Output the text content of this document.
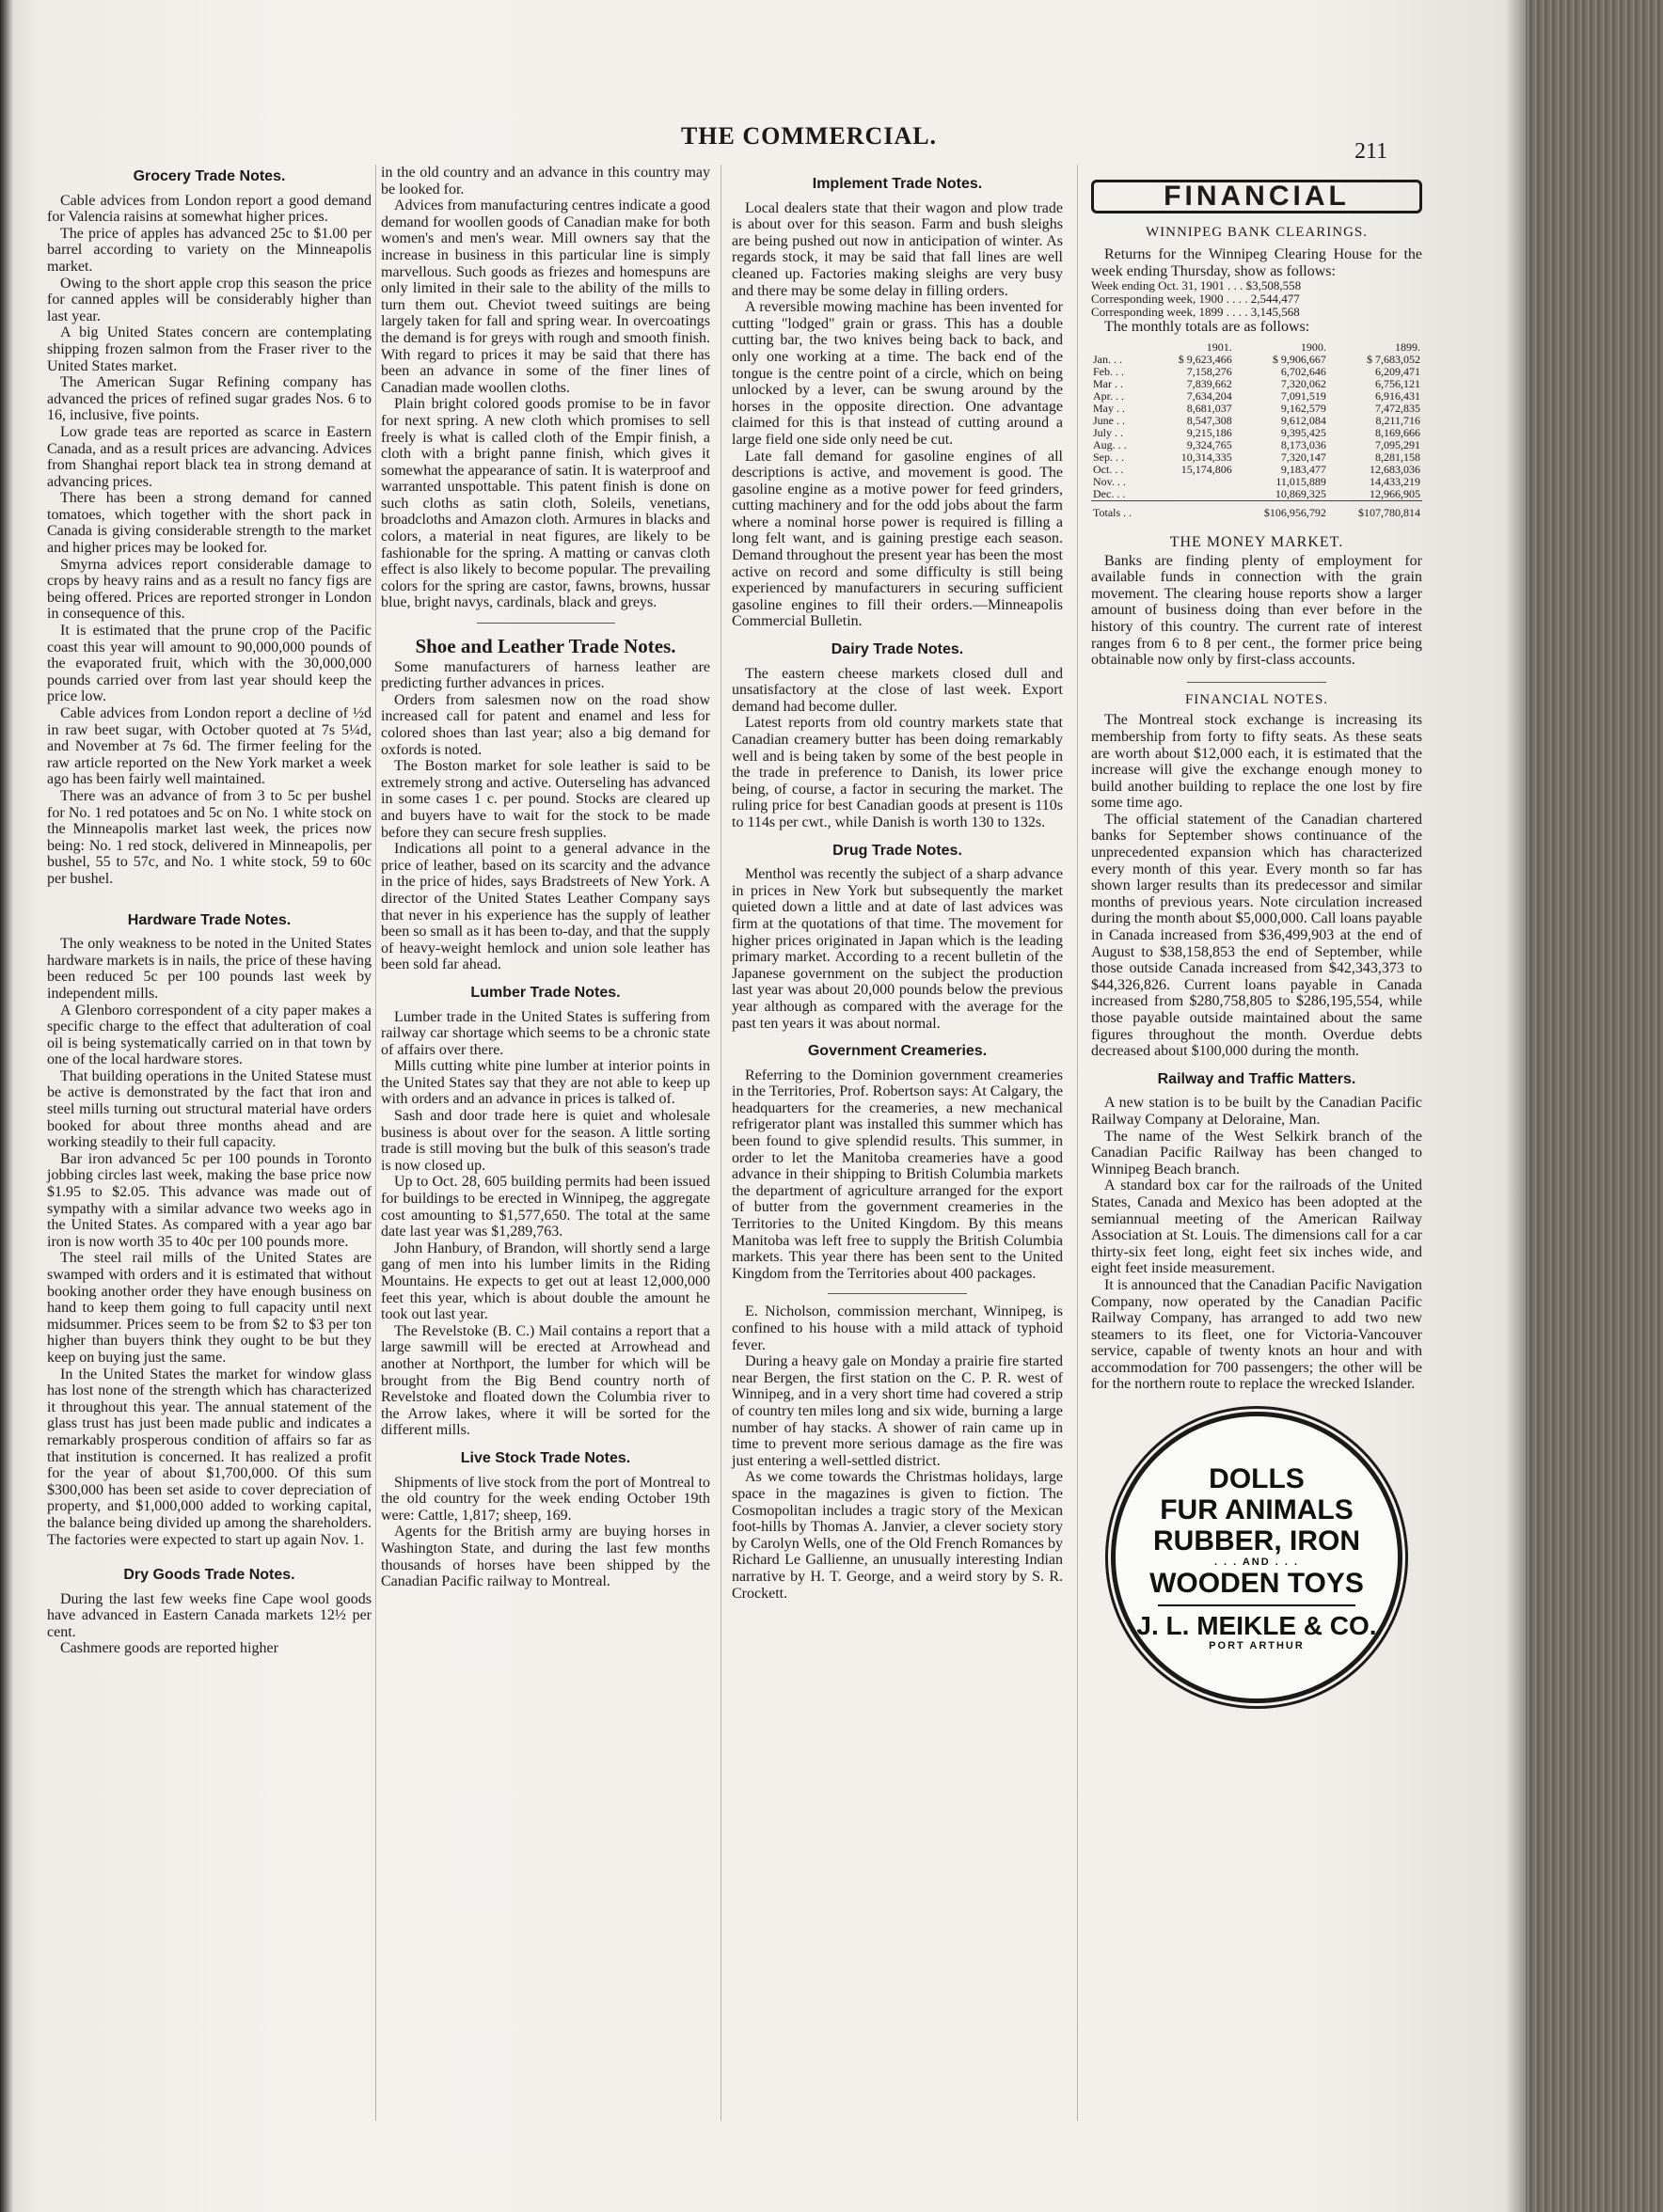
THE COMMERCIAL.
211
Grocery Trade Notes.

Cable advices from London report a good demand for Valencia raisins at somewhat higher prices.

The price of apples has advanced 25c to $1.00 per barrel according to variety on the Minneapolis market.

Owing to the short apple crop this season the price for canned apples will be considerably higher than last year.

A big United States concern are contemplating shipping frozen salmon from the Fraser river to the United States market.

The American Sugar Refining company has advanced the prices of refined sugar grades Nos. 6 to 16, inclusive, five points.

Low grade teas are reported as scarce in Eastern Canada, and as a result prices are advancing. Advices from Shanghai report black tea in strong demand at advancing prices.

There has been a strong demand for canned tomatoes, which together with the short pack in Canada is giving considerable strength to the market and higher prices may be looked for.

Smyrna advices report considerable damage to crops by heavy rains and as a result no fancy figs are being offered. Prices are reported stronger in London in consequence of this.

It is estimated that the prune crop of the Pacific coast this year will amount to 90,000,000 pounds of the evaporated fruit, which with the 30,000,000 pounds carried over from last year should keep the price low.

Cable advices from London report a decline of ½d in raw beet sugar, with October quoted at 7s 5¼d, and November at 7s 6d. The firmer feeling for the raw article reported on the New York market a week ago has been fairly well maintained.

There was an advance of from 3 to 5c per bushel for No. 1 red potatoes and 5c on No. 1 white stock on the Minneapolis market last week, the prices now being: No. 1 red stock, delivered in Minneapolis, per bushel, 55 to 57c, and No. 1 white stock, 59 to 60c per bushel.

Hardware Trade Notes.

The only weakness to be noted in the United States hardware markets is in nails, the price of these having been reduced 5c per 100 pounds last week by independent mills.

A Glenboro correspondent of a city paper makes a specific charge to the effect that adulteration of coal oil is being systematically carried on in that town by one of the local hardware stores.

That building operations in the United Statese must be active is demonstrated by the fact that iron and steel mills turning out structural material have orders booked for about three months ahead and are working steadily to their full capacity.

Bar iron advanced 5c per 100 pounds in Toronto jobbing circles last week, making the base price now $1.95 to $2.05. This advance was made out of sympathy with a similar advance two weeks ago in the United States. As compared with a year ago bar iron is now worth 35 to 40c per 100 pounds more.

The steel rail mills of the United States are swamped with orders and it is estimated that without booking another order they have enough business on hand to keep them going to full capacity until next midsummer. Prices seem to be from $2 to $3 per ton higher than buyers think they ought to be but they keep on buying just the same.

In the United States the market for window glass has lost none of the strength which has characterized it throughout this year. The annual statement of the glass trust has just been made public and indicates a remarkably prosperous condition of affairs so far as that institution is concerned. It has realized a profit for the year of about $1,700,000. Of this sum $300,000 has been set aside to cover depreciation of property, and $1,000,000 added to working capital, the balance being divided up among the shareholders. The factories were expected to start up again Nov. 1.

Dry Goods Trade Notes.

During the last few weeks fine Cape wool goods have advanced in Eastern Canada markets 12½ per cent.

Cashmere goods are reported higher

in the old country and an advance in this country may be looked for.

Advices from manufacturing centres indicate a good demand for woollen goods of Canadian make for both women's and men's wear. Mill owners say that the increase in business in this particular line is simply marvellous. Such goods as friezes and homespuns are only limited in their sale to the ability of the mills to turn them out. Cheviot tweed suitings are being largely taken for fall and spring wear. In overcoatings the demand is for greys with rough and smooth finish. With regard to prices it may be said that there has been an advance in some of the finer lines of Canadian made woollen cloths.

Plain bright colored goods promise to be in favor for next spring. A new cloth which promises to sell freely is what is called cloth of the Empir finish, a cloth with a bright panne finish, which gives it somewhat the appearance of satin. It is waterproof and warranted unspottable. This patent finish is done on such cloths as satin cloth, Soleils, venetians, broadcloths and Amazon cloth. Armures in blacks and colors, a material in neat figures, are likely to be fashionable for the spring. A matting or canvas cloth effect is also likely to become popular. The prevailing colors for the spring are castor, fawns, browns, hussar blue, bright navys, cardinals, black and greys.

Shoe and Leather Trade Notes.

Some manufacturers of harness leather are predicting further advances in prices.

Orders from salesmen now on the road show increased call for patent and enamel and less for colored shoes than last year; also a big demand for oxfords is noted.

The Boston market for sole leather is said to be extremely strong and active. Outerseling has advanced in some cases 1 c. per pound. Stocks are cleared up and buyers have to wait for the stock to be made before they can secure fresh supplies.

Indications all point to a general advance in the price of leather, based on its scarcity and the advance in the price of hides, says Bradstreets of New York. A director of the United States Leather Company says that never in his experience has the supply of leather been so small as it has been to-day, and that the supply of heavy-weight hemlock and union sole leather has been sold far ahead.

Lumber Trade Notes.

Lumber trade in the United States is suffering from railway car shortage which seems to be a chronic state of affairs over there.

Mills cutting white pine lumber at interior points in the United States say that they are not able to keep up with orders and an advance in prices is talked of.

Sash and door trade here is quiet and wholesale business is about over for the season. A little sorting trade is still moving but the bulk of this season's trade is now closed up.

Up to Oct. 28, 605 building permits had been issued for buildings to be erected in Winnipeg, the aggregate cost amounting to $1,577,650. The total at the same date last year was $1,289,763.

John Hanbury, of Brandon, will shortly send a large gang of men into his lumber limits in the Riding Mountains. He expects to get out at least 12,000,000 feet this year, which is about double the amount he took out last year.

The Revelstoke (B. C.) Mail contains a report that a large sawmill will be erected at Arrowhead and another at Northport, the lumber for which will be brought from the Big Bend country north of Revelstoke and floated down the Columbia river to the Arrow lakes, where it will be sorted for the different mills.

Live Stock Trade Notes.

Shipments of live stock from the port of Montreal to the old country for the week ending October 19th were: Cattle, 1,817; sheep, 169.

Agents for the British army are buying horses in Washington State, and during the last few months thousands of horses have been shipped by the Canadian Pacific railway to Montreal.

Implement Trade Notes.

Local dealers state that their wagon and plow trade is about over for this season. Farm and bush sleighs are being pushed out now in anticipation of winter. As regards stock, it may be said that fall lines are well cleaned up. Factories making sleighs are very busy and there may be some delay in filling orders.

A reversible mowing machine has been invented for cutting "lodged" grain or grass. This has a double cutting bar, the two knives being back to back, and only one working at a time. The back end of the tongue is the centre point of a circle, which on being unlocked by a lever, can be swung around by the horses in the opposite direction. One advantage claimed for this is that instead of cutting around a large field one side only need be cut.

Late fall demand for gasoline engines of all descriptions is active, and movement is good. The gasoline engine as a motive power for feed grinders, cutting machinery and for the odd jobs about the farm where a nominal horse power is required is filling a long felt want, and is gaining prestige each season. Demand throughout the present year has been the most active on record and some difficulty is still being experienced by manufacturers in securing sufficient gasoline engines to fill their orders.—Minneapolis Commercial Bulletin.

Dairy Trade Notes.

The eastern cheese markets closed dull and unsatisfactory at the close of last week. Export demand had become duller.

Latest reports from old country markets state that Canadian creamery butter has been doing remarkably well and is being taken by some of the best people in the trade in preference to Danish, its lower price being, of course, a factor in securing the market. The ruling price for best Canadian goods at present is 110s to 114s per cwt., while Danish is worth 130 to 132s.

Drug Trade Notes.

Menthol was recently the subject of a sharp advance in prices in New York but subsequently the market quieted down a little and at date of last advices was firm at the quotations of that time. The movement for higher prices originated in Japan which is the leading primary market. According to a recent bulletin of the Japanese government on the subject the production last year was about 20,000 pounds below the previous year although as compared with the average for the past ten years it was about normal.

Government Creameries.

Referring to the Dominion government creameries in the Territories, Prof. Robertson says: At Calgary, the headquarters for the creameries, a new mechanical refrigerator plant was installed this summer which has been found to give splendid results. This summer, in order to let the Manitoba creameries have a good advance in their shipping to British Columbia markets the department of agriculture arranged for the export of butter from the government creameries in the Territories to the United Kingdom. By this means Manitoba was left free to supply the British Columbia markets. This year there has been sent to the United Kingdom from the Territories about 400 packages.

E. Nicholson, commission merchant, Winnipeg, is confined to his house with a mild attack of typhoid fever.

During a heavy gale on Monday a prairie fire started near Bergen, the first station on the C. P. R. west of Winnipeg, and in a very short time had covered a strip of country ten miles long and six wide, burning a large number of hay stacks. A shower of rain came up in time to prevent more serious damage as the fire was just entering a well-settled district.

As we come towards the Christmas holidays, large space in the magazines is given to fiction. The Cosmopolitan includes a tragic story of the Mexican foot-hills by Thomas A. Janvier, a clever society story by Carolyn Wells, one of the Old French Romances by Richard Le Gallienne, an unusually interesting Indian narrative by H. T. George, and a weird story by S. R. Crockett.

FINANCIAL
WINNIPEG BANK CLEARINGS.

Returns for the Winnipeg Clearing House for the week ending Thursday, show as follows:

Week ending Oct. 31, 1901 . . . $3,508,558

Corresponding week, 1900 . . . . 2,544,477

Corresponding week, 1899 . . . . 3,145,568

The monthly totals are as follows:

	1901.	1900.	1899.
Jan. . .	$ 9,623,466	$ 9,906,667	$ 7,683,052
Feb. . .	7,158,276	6,702,646	6,209,471
Mar . .	7,839,662	7,320,062	6,756,121
Apr. . .	7,634,204	7,091,519	6,916,431
May . .	8,681,037	9,162,579	7,472,835
June . .	8,547,308	9,612,084	8,211,716
July . .	9,215,186	9,395,425	8,169,666
Aug. . .	9,324,765	8,173,036	7,095,291
Sep. . .	10,314,335	7,320,147	8,281,158
Oct. . .	15,174,806	9,183,477	12,683,036
Nov. . .		11,015,889	14,433,219
Dec. . .		10,869,325	12,966,905
Totals . .		$106,956,792	$107,780,814
THE MONEY MARKET.

Banks are finding plenty of employment for available funds in connection with the grain movement. The clearing house reports show a larger amount of business doing than ever before in the history of this country. The current rate of interest ranges from 6 to 8 per cent., the former price being obtainable now only by first-class accounts.

FINANCIAL NOTES.

The Montreal stock exchange is increasing its membership from forty to fifty seats. As these seats are worth about $12,000 each, it is estimated that the increase will give the exchange enough money to build another building to replace the one lost by fire some time ago.

The official statement of the Canadian chartered banks for September shows continuance of the unprecedented expansion which has characterized every month of this year. Every month so far has shown larger results than its predecessor and similar months of previous years. Note circulation increased during the month about $5,000,000. Call loans payable in Canada increased from $36,499,903 at the end of August to $38,158,853 the end of September, while those outside Canada increased from $42,343,373 to $44,326,826. Current loans payable in Canada increased from $280,758,805 to $286,195,554, while those payable outside maintained about the same figures throughout the month. Overdue debts decreased about $100,000 during the month.

Railway and Traffic Matters.

A new station is to be built by the Canadian Pacific Railway Company at Deloraine, Man.

The name of the West Selkirk branch of the Canadian Pacific Railway has been changed to Winnipeg Beach branch.

A standard box car for the railroads of the United States, Canada and Mexico has been adopted at the semiannual meeting of the American Railway Association at St. Louis. The dimensions call for a car thirty-six feet long, eight feet six inches wide, and eight feet inside measurement.

It is announced that the Canadian Pacific Navigation Company, now operated by the Canadian Pacific Railway Company, has arranged to add two new steamers to its fleet, one for Victoria-Vancouver service, capable of twenty knots an hour and with accommodation for 700 passengers; the other will be for the northern route to replace the wrecked Islander.

DOLLS
FUR ANIMALS
RUBBER, IRON
. . . AND . . .
WOODEN TOYS
J. L. MEIKLE & CO.
PORT ARTHUR
